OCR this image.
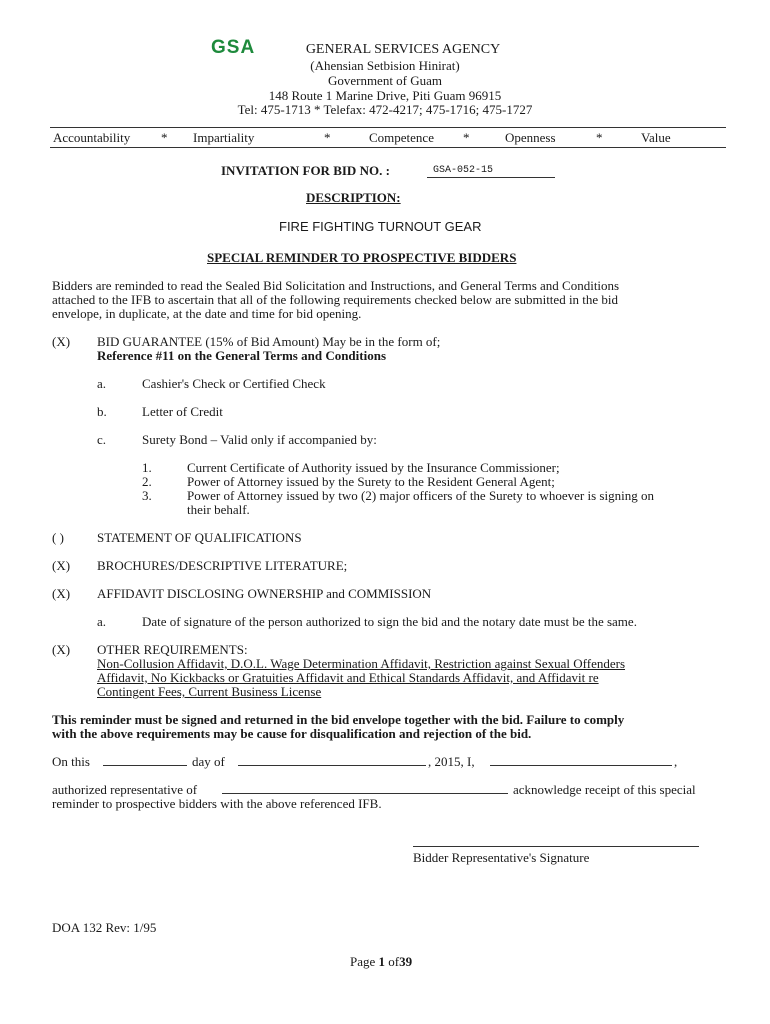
GSA	GENERAL SERVICES AGENCY
(Ahensian Setbision Hinirat)
Government of Guam
148 Route 1 Marine Drive, Piti Guam 96915
Tel: 475-1713 * Telefax: 472-4217; 475-1716; 475-1727
Accountability * Impartiality	*	Competence *	Openness	*	Value
INVITATION FOR BID NO. :	GSA-052-15
DESCRIPTION:
FIRE FIGHTING TURNOUT GEAR
SPECIAL REMINDER TO PROSPECTIVE BIDDERS
Bidders are reminded to read the Sealed Bid Solicitation and Instructions, and General Terms and Conditions
attached to the IFB to ascertain that all of the following requirements checked below are submitted in the bid
envelope, in duplicate, at the date and time for bid opening.
(X) BID GUARANTEE (15% of Bid Amount) May be in the form of;
Reference #11 on the General Terms and Conditions
a.	Cashier's Check or Certified Check
b.	Letter of Credit
c.	Surety Bond – Valid only if accompanied by:
1.	Current Certificate of Authority issued by the Insurance Commissioner;
2.	Power of Attorney issued by the Surety to the Resident General Agent;
3.	Power of Attorney issued by two (2) major officers of the Surety to whoever is signing on
their behalf.
( )	STATEMENT OF QUALIFICATIONS
(X) BROCHURES/DESCRIPTIVE LITERATURE;
(X) AFFIDAVIT DISCLOSING OWNERSHIP and COMMISSION
a.	Date of signature of the person authorized to sign the bid and the notary date must be the same.
(X) OTHER REQUIREMENTS:
Non-Collusion Affidavit, D.O.L. Wage Determination Affidavit, Restriction against Sexual Offenders
Affidavit, No Kickbacks or Gratuities Affidavit and Ethical Standards Affidavit, and Affidavit re
Contingent Fees, Current Business License
This reminder must be signed and returned in the bid envelope together with the bid. Failure to comply
with the above requirements may be cause for disqualification and rejection of the bid.
On this	day of	, 2015, I,	,
authorized representative of	acknowledge receipt of this special
reminder to prospective bidders with the above referenced IFB.
Bidder Representative's Signature
DOA 132 Rev: 1/95
Page 1 of39
